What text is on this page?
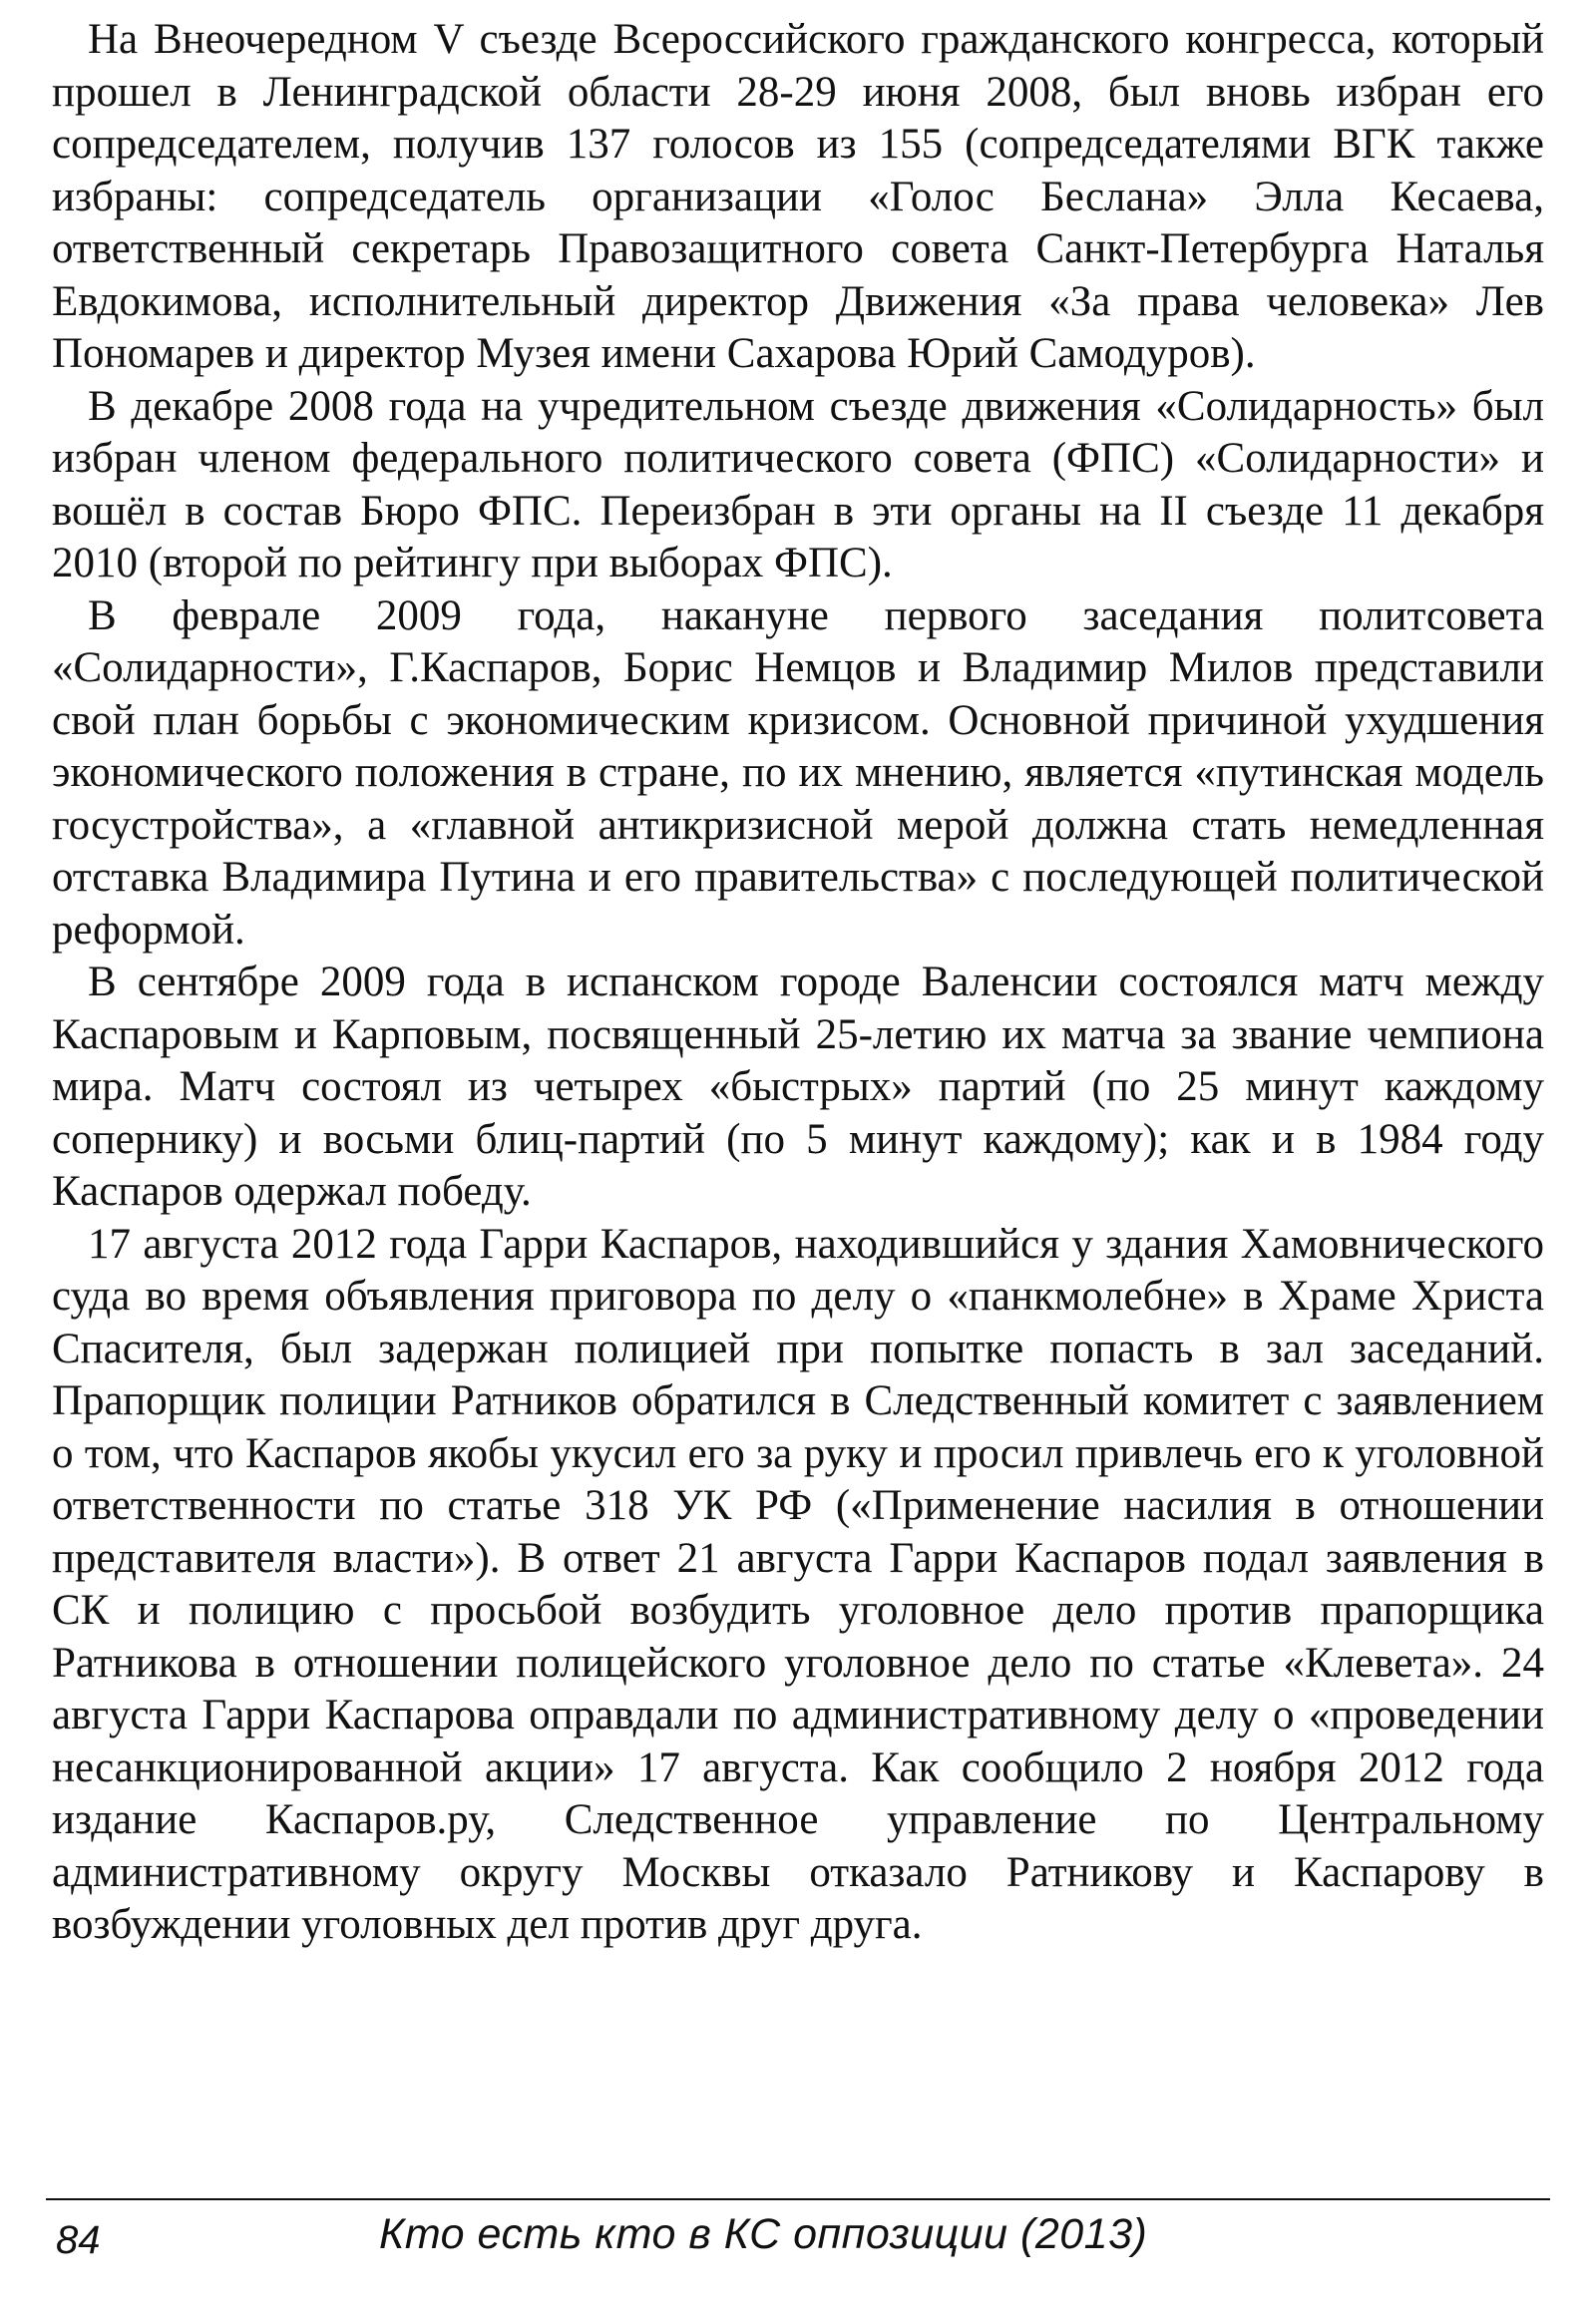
На Внеочередном V съезде Всероссийского гражданского конгресса, который прошел в Ленинградской области 28-29 июня 2008, был вновь избран его сопредседателем, получив 137 голосов из 155 (сопредседателями ВГК также избраны: сопредседатель организации «Голос Беслана» Элла Кесаева, ответственный секретарь Правозащитного совета Санкт-Петербурга Наталья Евдокимова, исполнительный директор Движения «За права человека» Лев Пономарев и директор Музея имени Сахарова Юрий Самодуров).

В декабре 2008 года на учредительном съезде движения «Солидарность» был избран членом федерального политического совета (ФПС) «Солидарности» и вошёл в состав Бюро ФПС. Переизбран в эти органы на II съезде 11 декабря 2010 (второй по рейтингу при выборах ФПС).

В феврале 2009 года, накануне первого заседания политсовета «Солидарности», Г.Каспаров, Борис Немцов и Владимир Милов представили свой план борьбы с экономическим кризисом. Основной причиной ухудшения экономического положения в стране, по их мнению, является «путинская модель госустройства», а «главной антикризисной мерой должна стать немедленная отставка Владимира Путина и его правительства» с последующей политической реформой.

В сентябре 2009 года в испанском городе Валенсии состоялся матч между Каспаровым и Карповым, посвященный 25-летию их матча за звание чемпиона мира. Матч состоял из четырех «быстрых» партий (по 25 минут каждому сопернику) и восьми блиц-партий (по 5 минут каждому); как и в 1984 году Каспаров одержал победу.

17 августа 2012 года Гарри Каспаров, находившийся у здания Хамовнического суда во время объявления приговора по делу о «панкмолебне» в Храме Христа Спасителя, был задержан полицией при попытке попасть в зал заседаний. Прапорщик полиции Ратников обратился в Следственный комитет с заявлением о том, что Каспаров якобы укусил его за руку и просил привлечь его к уголовной ответственности по статье 318 УК РФ («Применение насилия в отношении представителя власти»). В ответ 21 августа Гарри Каспаров подал заявления в СК и полицию с просьбой возбудить уголовное дело против прапорщика Ратникова в отношении полицейского уголовное дело по статье «Клевета». 24 августа Гарри Каспарова оправдали по административному делу о «проведении несанкционированной акции» 17 августа. Как сообщило 2 ноября 2012 года издание Каспаров.ру, Следственное управление по Центральному административному округу Москвы отказало Ратникову и Каспарову в возбуждении уголовных дел против друг друга.

84	Кто есть кто в КС оппозиции (2013)
